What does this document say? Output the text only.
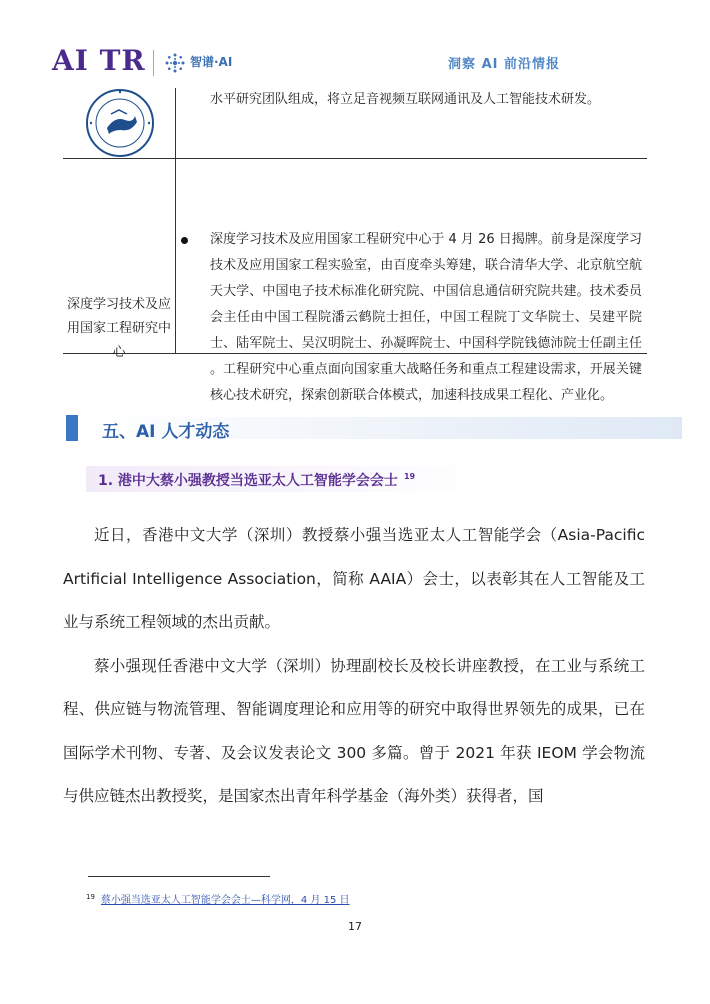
AI TR	智谱·AI	洞察 AI 前沿情报
水平研究团队组成，将立足音视频互联网通讯及人工智能技术研发。
深度学习技术及应用国家工程研究中心
深度学习技术及应用国家工程研究中心于 4 月 26 日揭牌。前身是深度学习技术及应用国家工程实验室，由百度牵头筹建，联合清华大学、北京航空航天大学、中国电子技术标准化研究院、中国信息通信研究院共建。技术委员会主任由中国工程院潘云鹤院士担任，中国工程院丁文华院士、吴建平院士、陆军院士、吴汉明院士、孙凝晖院士、中国科学院钱德沛院士任副主任 。工程研究中心重点面向国家重大战略任务和重点工程建设需求，开展关键核心技术研究，探索创新联合体模式，加速科技成果工程化、产业化。
五、AI 人才动态
1. 港中大蔡小强教授当选亚太人工智能学会会士 $^{19}$

近日，香港中文大学（深圳）教授蔡小强当选亚太人工智能学会（Asia-Pacific Artificial Intelligence Association，简称 AAIA）会士，以表彰其在人工智能及工业与系统工程领域的杰出贡献。

蔡小强现任香港中文大学（深圳）协理副校长及校长讲座教授，在工业与系统工程、供应链与物流管理、智能调度理论和应用等的研究中取得世界领先的成果，已在国际学术刊物、专著、及会议发表论文 300 多篇。曾于 2021 年获 IEOM 学会物流与供应链杰出教授奖，是国家杰出青年科学基金（海外类）获得者，国

$^{19}$ 蔡小强当选亚太人工智能学会会士—科学网，4 月 15 日
17
